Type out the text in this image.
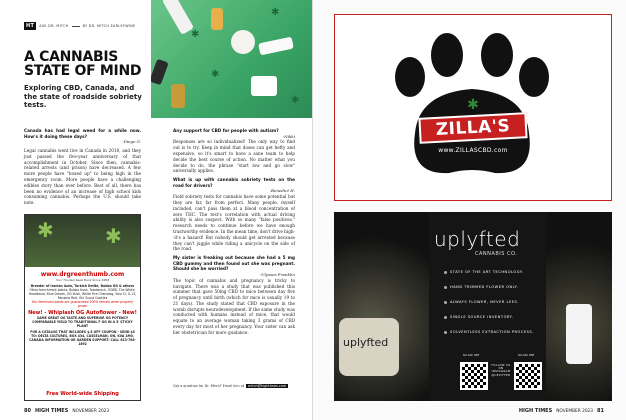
HT	ASK DR. MITCH	BY DR. MITCH EARLEYWINE
A CANNABIS STATE OF MIND
Exploring CBD, Canada, and the state of roadside sobriety tests.
✱
✱
✱
✱
Canada has had legal weed for a while now. How's it doing these days?
-Diego G.
Legal cannabis went live in Canada in 2018, and they just passed the five-year anniversary of that accomplishment in October. Since then, cannabis-related arrests (and prison) have decreased. A few more people have "boxed up" to being high in the emergency room. More people have a challenging edibles story than ever before. Best of all, there has been no evidence of an increase of high school kids consuming cannabis. Perhaps the U.S. should take note.
Any support for CBD for people with autism?
-Nikki
Responses are so individualized! The only way to find out is to try. Keep in mind that doses can get hefty and expensive, so it's smart to have a sane team to help decide the best course of action. No matter what you decide to do, the phrase "start low and go slow" universally applies.
What is up with cannabis sobriety tests on the road for drivers?
-Benedict H.
Field sobriety tests for cannabis have some potential but they are far, far from perfect. Many people, myself included, can't pass them at a blood concentration of zero THC. The test's correlation with actual driving ability is also suspect. With so many "false positives," research needs to continue before we have enough trustworthy evidence. In the mean time, don't drive high--it's a hazard! But nobody should get arrested because they can't juggle while riding a unicycle on the side of the road.
My sister is freaking out because she had a 5 mg CBD gummy and then found out she was pregnant. Should she be worried?
-Ulysses Franklin
The topic of cannabis and pregnancy is tricky to navigate. There was a study that was published this summer that gave 50mg CBD to mice between day five of pregnancy until birth (which for mice is usually 19 to 21 days). The study stated that CBD exposure in the womb disrupts neurodevelopment. If the same study was conducted with humans instead of mice, that would equate to an average woman taking 3 grams of CBD every day for most of her pregnancy. Your sister can ask her obstetrician for more guidance.
✱	✱
www.drgreenthumb.com
Your Trusted Seed Bank Since 1998
Breeder of Iranian Auto, Turkish Delite, Bubba OG & others
Other benchmark plants: Bubba Kush, Toadwreck, OGBB, The White, Headband, Blue Dream, OG Kush, White Fire Chemdog, Sour D, G-13, Panama Red, Girl Scout Cookies
Our feminized seeds are guaranteed 100% female when properly grown
New! - Whiplash OG Autoflower - New!
SAME GREAT OG TASTE AND SUPERIOR OG POTENCY COMPARABLE YIELD TO TRADITIONAL F OG IN A 3' STICKY PLANT
FOR A CATALOG THAT INCLUDES $.5 OFF COUPON - SEND $5 TO: DELTA CULTURES, BOX 434, CASSELMAN, ON, K0A 1M0, CANADA INFORMATION OR GARDEN SUPPORT: CALL 613-764-1892
Free World-wide Shipping
Got a question for Dr. Mitch? Email him at	mitch@hightimes.com
80 HIGH TIMES NOVEMBER 2023
✱
ZILLA'S
www.ZILLASCBD.com
uplyfted
uplyfted
CANNABIS CO.
STATE OF THE ART TECHNOLOGY.
HAND TRIMMED FLOWER ONLY.
ALWAYS FLOWER, NEVER LEES.
SINGLE SOURCE INVENTORY.
SOLVENTLESS EXTRACTION PROCESS.
SCAN ME	SCAN ME
FOLLOW US ON INSTAGRAM @UPLYFTED
HIGH TIMES NOVEMBER 2023 81
